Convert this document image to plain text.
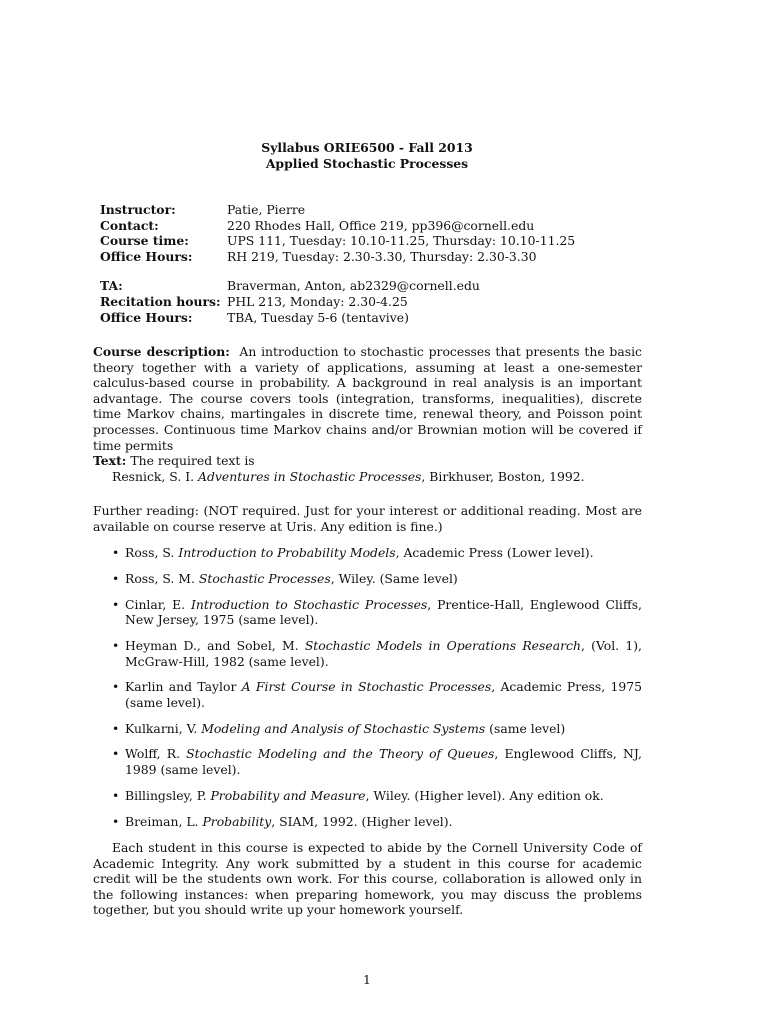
Syllabus ORIE6500 - Fall 2013
Applied Stochastic Processes
Instructor:	Patie, Pierre
Contact:	220 Rhodes Hall, Office 219, pp396@cornell.edu
Course time:	UPS 111, Tuesday: 10.10-11.25, Thursday: 10.10-11.25
Office Hours:	RH 219, Tuesday: 2.30-3.30, Thursday: 2.30-3.30
TA:	Braverman, Anton, ab2329@cornell.edu
Recitation hours: PHL 213, Monday: 2.30-4.25
Office Hours:	TBA, Tuesday 5-6 (tentavive)
Course description: An introduction to stochastic processes that presents the basic theory together with a variety of applications, assuming at least a one-semester calculus-based course in probability. A background in real analysis is an important advantage. The course covers tools (integration, transforms, inequalities), discrete time Markov chains, martingales in discrete time, renewal theory, and Poisson point processes. Continuous time Markov chains and/or Brownian motion will be covered if time permits
Text: The required text is
Resnick, S. I. Adventures in Stochastic Processes, Birkhuser, Boston, 1992.
Further reading: (NOT required. Just for your interest or additional reading. Most are available on course reserve at Uris. Any edition is fine.)
• Ross, S. Introduction to Probability Models, Academic Press (Lower level).
• Ross, S. M. Stochastic Processes, Wiley. (Same level)
• Cinlar, E. Introduction to Stochastic Processes, Prentice-Hall, Englewood Cliffs, New Jersey, 1975 (same level).
• Heyman D., and Sobel, M. Stochastic Models in Operations Research, (Vol. 1), McGraw-Hill, 1982 (same level).
• Karlin and Taylor A First Course in Stochastic Processes, Academic Press, 1975 (same level).
• Kulkarni, V. Modeling and Analysis of Stochastic Systems (same level)
• Wolff, R. Stochastic Modeling and the Theory of Queues, Englewood Cliffs, NJ, 1989 (same level).
• Billingsley, P. Probability and Measure, Wiley. (Higher level). Any edition ok.
• Breiman, L. Probability, SIAM, 1992. (Higher level).
Each student in this course is expected to abide by the Cornell University Code of Academic Integrity. Any work submitted by a student in this course for academic credit will be the students own work. For this course, collaboration is allowed only in the following instances: when preparing homework, you may discuss the problems together, but you should write up your homework yourself.
1
